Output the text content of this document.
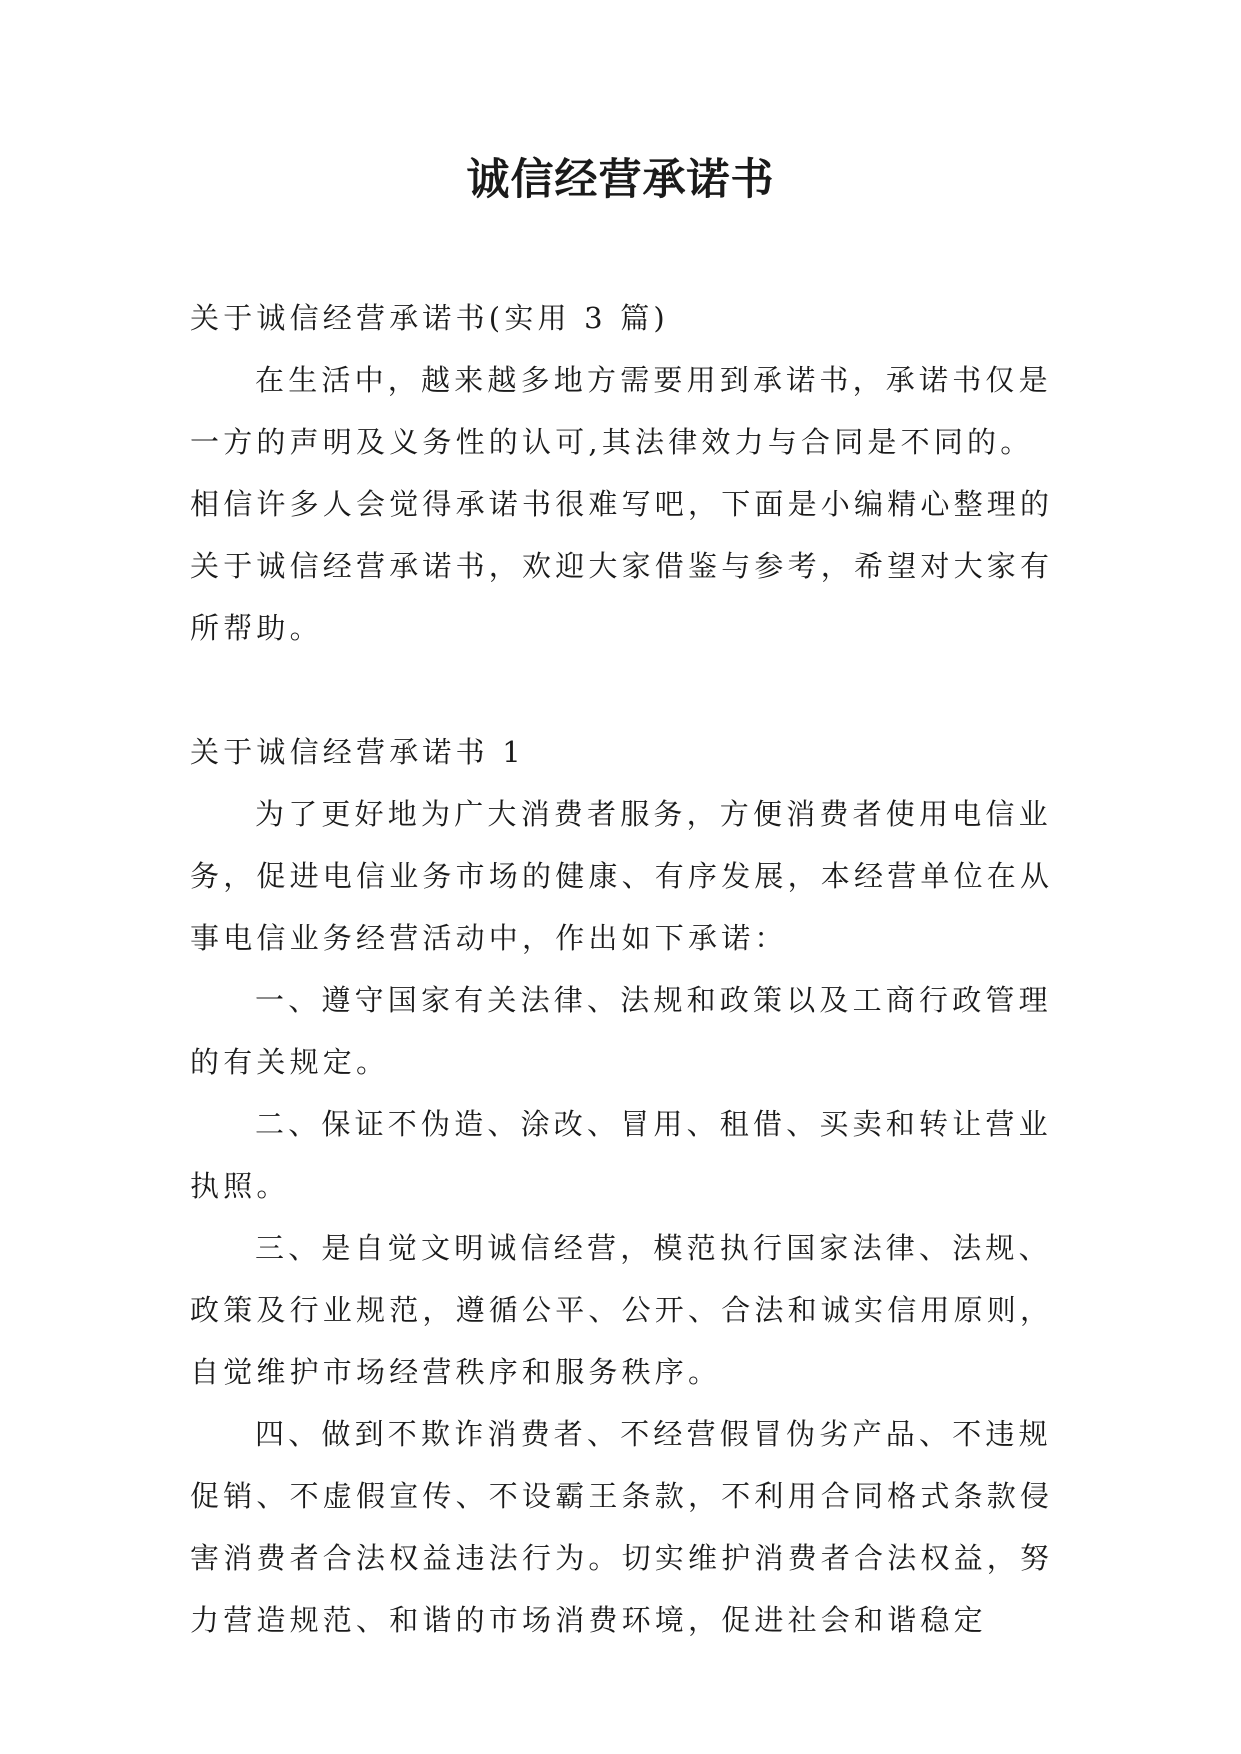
诚信经营承诺书
关于诚信经营承诺书(实用 3 篇)
在生活中，越来越多地方需要用到承诺书，承诺书仅是
一方的声明及义务性的认可,其法律效力与合同是不同的。
相信许多人会觉得承诺书很难写吧，下面是小编精心整理的
关于诚信经营承诺书，欢迎大家借鉴与参考，希望对大家有
所帮助。
关于诚信经营承诺书 1
为了更好地为广大消费者服务，方便消费者使用电信业
务，促进电信业务市场的健康、有序发展，本经营单位在从
事电信业务经营活动中，作出如下承诺：
一、遵守国家有关法律、法规和政策以及工商行政管理
的有关规定。
二、保证不伪造、涂改、冒用、租借、买卖和转让营业
执照。
三、是自觉文明诚信经营，模范执行国家法律、法规、
政策及行业规范，遵循公平、公开、合法和诚实信用原则，
自觉维护市场经营秩序和服务秩序。
四、做到不欺诈消费者、不经营假冒伪劣产品、不违规
促销、不虚假宣传、不设霸王条款，不利用合同格式条款侵
害消费者合法权益违法行为。切实维护消费者合法权益，努
力营造规范、和谐的市场消费环境，促进社会和谐稳定
